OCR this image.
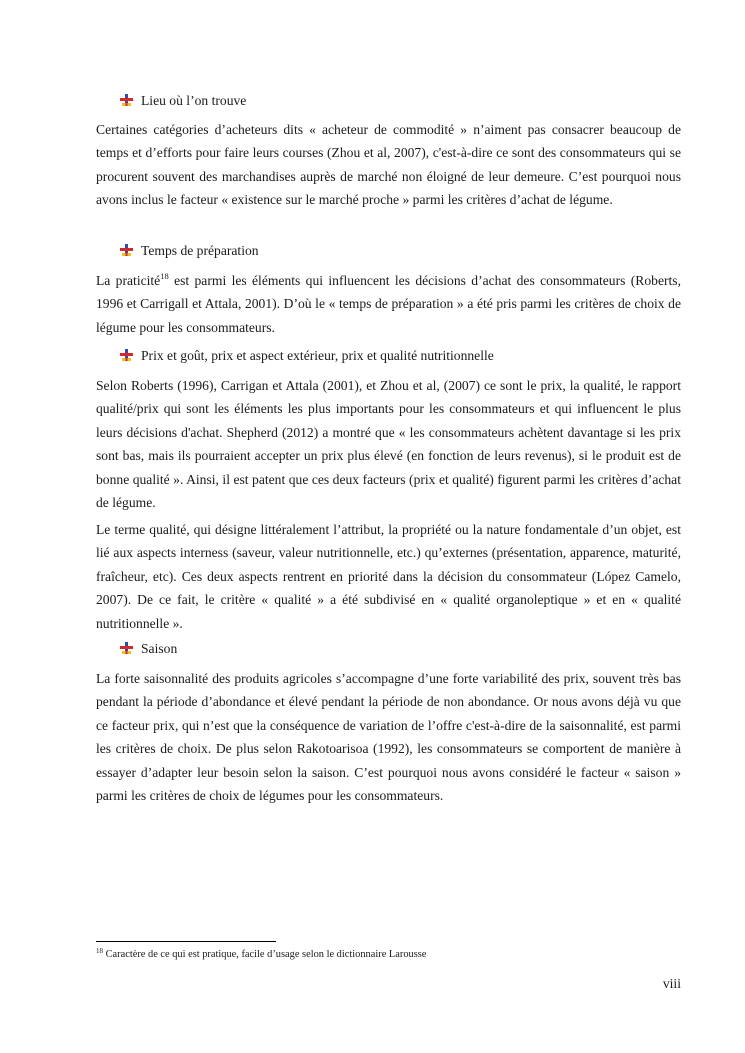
Lieu où l’on trouve

Certaines catégories d’acheteurs dits « acheteur de commodité » n’aiment pas consacrer beaucoup de temps et d’efforts pour faire leurs courses (Zhou et al, 2007), c'est-à-dire ce sont des consommateurs qui se procurent souvent des marchandises auprès de marché non éloigné de leur demeure. C’est pourquoi nous avons inclus le facteur « existence sur le marché proche » parmi les critères d’achat de légume.

Temps de préparation

La praticité$^{18}$ est parmi les éléments qui influencent les décisions d’achat des consommateurs (Roberts, 1996 et Carrigall et Attala, 2001). D’où le « temps de préparation » a été pris parmi les critères de choix de légume pour les consommateurs.

Prix et goût, prix et aspect extérieur, prix et qualité nutritionnelle

Selon Roberts (1996), Carrigan et Attala (2001), et Zhou et al, (2007) ce sont le prix, la qualité, le rapport qualité/prix qui sont les éléments les plus importants pour les consommateurs et qui influencent le plus leurs décisions d'achat. Shepherd (2012) a montré que « les consommateurs achètent davantage si les prix sont bas, mais ils pourraient accepter un prix plus élevé (en fonction de leurs revenus), si le produit est de bonne qualité ». Ainsi, il est patent que ces deux facteurs (prix et qualité) figurent parmi les critères d’achat de légume.

Le terme qualité, qui désigne littéralement l’attribut, la propriété ou la nature fondamentale d’un objet, est lié aux aspects interness (saveur, valeur nutritionnelle, etc.) qu’externes (présentation, apparence, maturité, fraîcheur, etc). Ces deux aspects rentrent en priorité dans la décision du consommateur (López Camelo, 2007). De ce fait, le critère « qualité » a été subdivisé en « qualité organoleptique » et en « qualité nutritionnelle ».

Saison

La forte saisonnalité des produits agricoles s’accompagne d’une forte variabilité des prix, souvent très bas pendant la période d’abondance et élevé pendant la période de non abondance. Or nous avons déjà vu que ce facteur prix, qui n’est que la conséquence de variation de l’offre c'est-à-dire de la saisonnalité, est parmi les critères de choix. De plus selon Rakotoarisoa (1992), les consommateurs se comportent de manière à essayer d’adapter leur besoin selon la saison. C’est pourquoi nous avons considéré le facteur « saison » parmi les critères de choix de légumes pour les consommateurs.

$^{18}$ Caractère de ce qui est pratique, facile d’usage selon le dictionnaire Larousse
viii
